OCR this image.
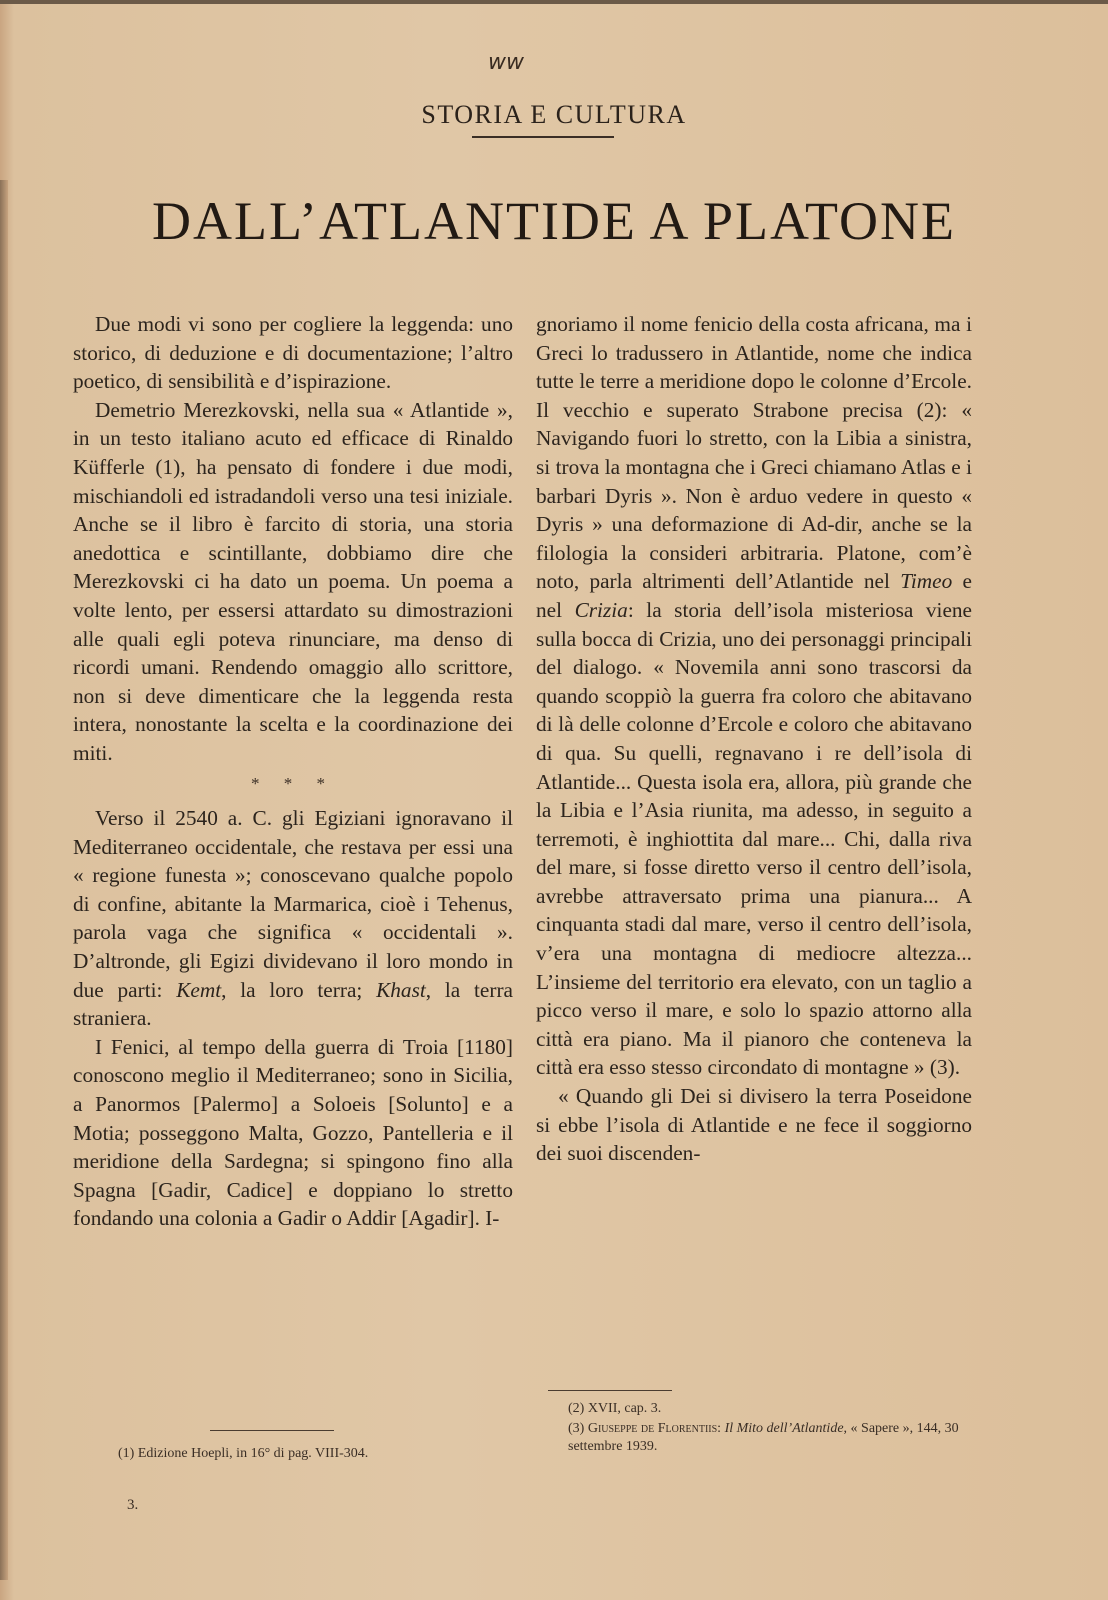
ww
STORIA E CULTURA
DALL’ATLANTIDE A PLATONE

Due modi vi sono per cogliere la leggenda: uno storico, di deduzione e di documentazione; l’altro poetico, di sensibilità e d’ispirazione.

Demetrio Merezkovski, nella sua « Atlantide », in un testo italiano acuto ed efficace di Rinaldo Küfferle (1), ha pensato di fondere i due modi, mischiandoli ed istradandoli verso una tesi iniziale. Anche se il libro è farcito di storia, una storia anedottica e scintillante, dobbiamo dire che Merezkovski ci ha dato un poema. Un poema a volte lento, per essersi attardato su dimostrazioni alle quali egli poteva rinunciare, ma denso di ricordi umani. Rendendo omaggio allo scrittore, non si deve dimenticare che la leggenda resta intera, nonostante la scelta e la coordinazione dei miti.

* * *

Verso il 2540 a. C. gli Egiziani ignoravano il Mediterraneo occidentale, che restava per essi una « regione funesta »; conoscevano qualche popolo di confine, abitante la Marmarica, cioè i Tehenus, parola vaga che significa « occidentali ». D’altronde, gli Egizi dividevano il loro mondo in due parti: Kemt, la loro terra; Khast, la terra straniera.

I Fenici, al tempo della guerra di Troia [1180] conoscono meglio il Mediterraneo; sono in Sicilia, a Panormos [Palermo] a Soloeis [Solunto] e a Motia; posseggono Malta, Gozzo, Pantelleria e il meridione della Sardegna; si spingono fino alla Spagna [Gadir, Cadice] e doppiano lo stretto fondando una colonia a Gadir o Addir [Agadir]. I-

gnoriamo il nome fenicio della costa africana, ma i Greci lo tradussero in Atlantide, nome che indica tutte le terre a meridione dopo le colonne d’Ercole. Il vecchio e superato Strabone precisa (2): « Navigando fuori lo stretto, con la Libia a sinistra, si trova la montagna che i Greci chiamano Atlas e i barbari Dyris ». Non è arduo vedere in questo « Dyris » una deformazione di Ad-dir, anche se la filologia la consideri arbitraria. Platone, com’è noto, parla altrimenti dell’Atlantide nel Timeo e nel Crizia: la storia dell’isola misteriosa viene sulla bocca di Crizia, uno dei personaggi principali del dialogo. « Novemila anni sono trascorsi da quando scoppiò la guerra fra coloro che abitavano di là delle colonne d’Ercole e coloro che abitavano di qua. Su quelli, regnavano i re dell’isola di Atlantide... Questa isola era, allora, più grande che la Libia e l’Asia riunita, ma adesso, in seguito a terremoti, è inghiottita dal mare... Chi, dalla riva del mare, si fosse diretto verso il centro dell’isola, avrebbe attraversato prima una pianura... A cinquanta stadi dal mare, verso il centro dell’isola, v’era una montagna di mediocre altezza... L’insieme del territorio era elevato, con un taglio a picco verso il mare, e solo lo spazio attorno alla città era piano. Ma il pianoro che conteneva la città era esso stesso circondato di montagne » (3).

« Quando gli Dei si divisero la terra Poseidone si ebbe l’isola di Atlantide e ne fece il soggiorno dei suoi discenden-

(1) Edizione Hoepli, in 16° di pag. VIII-304.
(2) XVII, cap. 3.
(3) Giuseppe de Florentiis: Il Mito dell’Atlantide, « Sapere », 144, 30 settembre 1939.
3.
